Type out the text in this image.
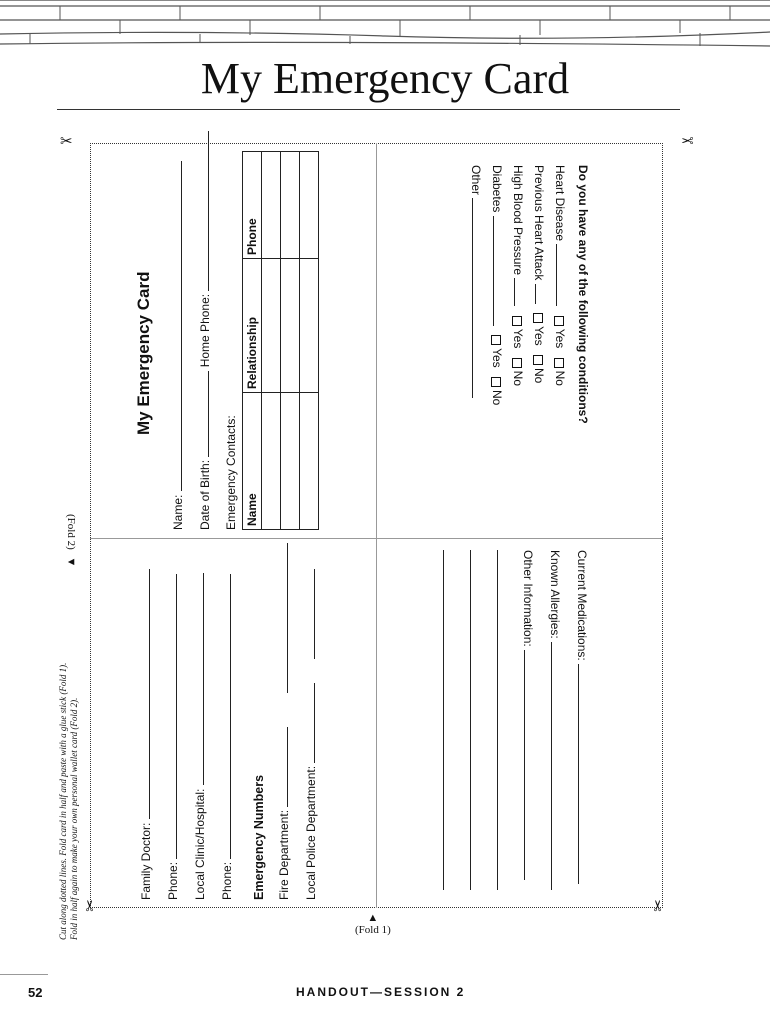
My Emergency Card
✂	✂
✂	✂
▲
(Fold 1)
(Fold 2) ▼
Cut along dotted lines. Fold card in half and paste with a glue stick (Fold 1). Fold in half again to make your own personal wallet card (Fold 2).
My Emergency Card
Name: Date of Birth:  Home Phone:
Emergency Contacts: Name	Relationship	Phone

			Do you have any of the following conditions?
Heart Disease  Yes No
Previous Heart Attack  Yes No
High Blood Pressure  Yes No
Diabetes  Yes No
Other
Current Medications:
Known Allergies:
Other Information:
Family Doctor: Phone: Local Clinic/Hospital: Phone: Emergency Numbers Fire Department: Local Police Department:
52	HANDOUT—SESSION 2
